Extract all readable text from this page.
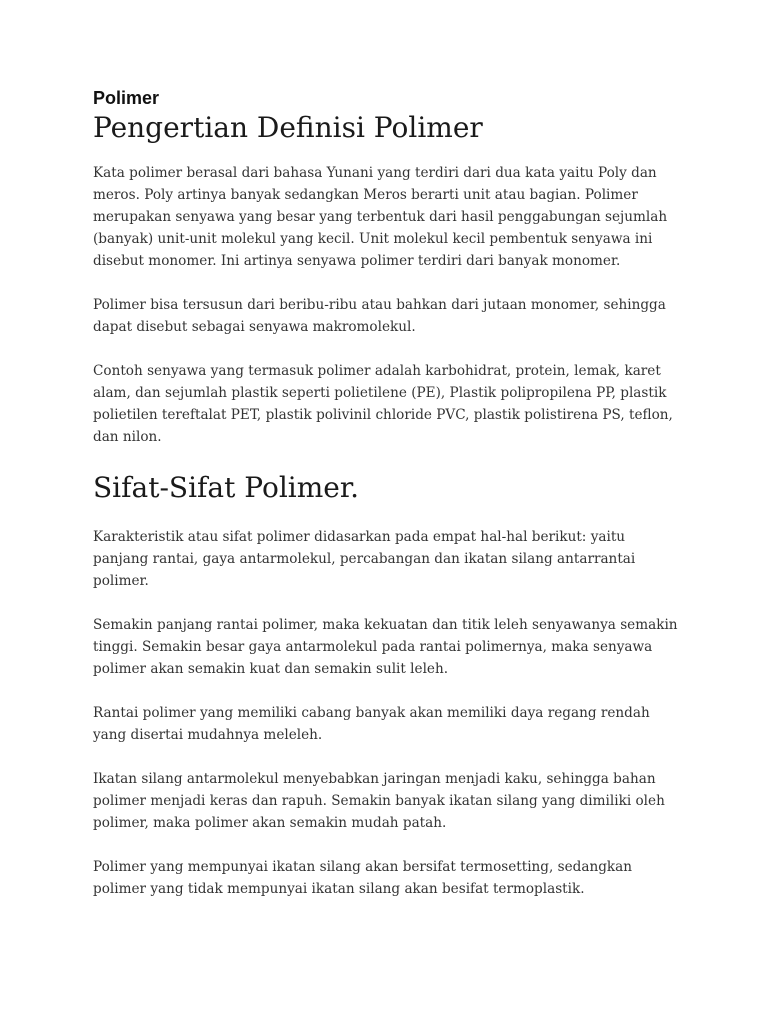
Polimer

Pengertian Definisi Polimer

Kata polimer berasal dari bahasa Yunani yang terdiri dari dua kata yaitu Poly dan meros. Poly artinya banyak sedangkan Meros berarti unit atau bagian. Polimer merupakan senyawa yang besar yang terbentuk dari hasil penggabungan sejumlah (banyak) unit-unit molekul yang kecil. Unit molekul kecil pembentuk senyawa ini disebut monomer. Ini artinya senyawa polimer terdiri dari banyak monomer.

Polimer bisa tersusun dari beribu-ribu atau bahkan dari jutaan monomer, sehingga dapat disebut sebagai senyawa makromolekul.

Contoh senyawa yang termasuk polimer adalah karbohidrat, protein, lemak, karet alam, dan sejumlah plastik seperti polietilene (PE), Plastik polipropilena PP, plastik polietilen tereftalat PET, plastik polivinil chloride PVC, plastik polistirena PS, teflon, dan nilon.

Sifat-Sifat Polimer.

Karakteristik atau sifat polimer didasarkan pada empat hal-hal berikut: yaitu panjang rantai, gaya antarmolekul, percabangan dan ikatan silang antarrantai polimer.

Semakin panjang rantai polimer, maka kekuatan dan titik leleh senyawanya semakin tinggi. Semakin besar gaya antarmolekul pada rantai polimernya, maka senyawa polimer akan semakin kuat dan semakin sulit leleh.

Rantai polimer yang memiliki cabang banyak akan memiliki daya regang rendah yang disertai mudahnya meleleh.

Ikatan silang antarmolekul menyebabkan jaringan menjadi kaku, sehingga bahan polimer menjadi keras dan rapuh. Semakin banyak ikatan silang yang dimiliki oleh polimer, maka polimer akan semakin mudah patah.

Polimer yang mempunyai ikatan silang akan bersifat termosetting, sedangkan polimer yang tidak mempunyai ikatan silang akan besifat termoplastik.
